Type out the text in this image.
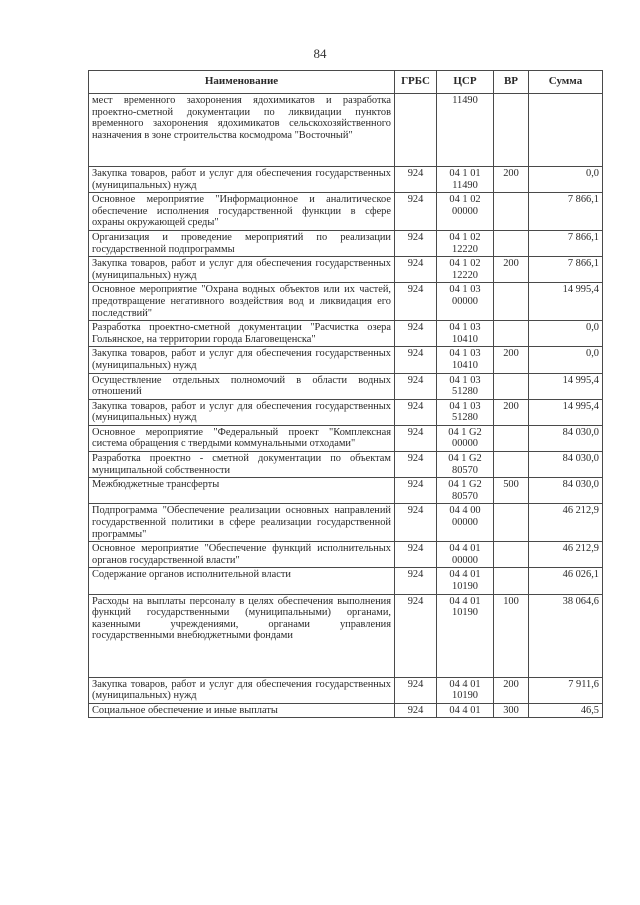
84
Наименование	ГРБС	ЦСР	ВР	Сумма
мест временного захоронения ядохимикатов и разработка проектно-сметной документации по ликвидации пунктов временного захоронения ядохимикатов сельскохозяйственного назначения в зоне строительства космодрома "Восточный"		11490		
Закупка товаров, работ и услуг для обеспечения государственных (муниципальных) нужд	924	04 1 01 11490	200	0,0
Основное мероприятие "Информационное и аналитическое обеспечение исполнения государственной функции в сфере охраны окружающей среды"	924	04 1 02 00000		7 866,1
Организация и проведение мероприятий по реализации государственной подпрограммы	924	04 1 02 12220		7 866,1
Закупка товаров, работ и услуг для обеспечения государственных (муниципальных) нужд	924	04 1 02 12220	200	7 866,1
Основное мероприятие "Охрана водных объектов или их частей, предотвращение негативного воздействия вод и ликвидация его последствий"	924	04 1 03 00000		14 995,4
Разработка проектно-сметной документации "Расчистка озера Гольянское, на территории города Благовещенска"	924	04 1 03 10410		0,0
Закупка товаров, работ и услуг для обеспечения государственных (муниципальных) нужд	924	04 1 03 10410	200	0,0
Осуществление отдельных полномочий в области водных отношений	924	04 1 03 51280		14 995,4
Закупка товаров, работ и услуг для обеспечения государственных (муниципальных) нужд	924	04 1 03 51280	200	14 995,4
Основное мероприятие "Федеральный проект "Комплексная система обращения с твердыми коммунальными отходами"	924	04 1 G2 00000		84 030,0
Разработка проектно - сметной документации по объектам муниципальной собственности	924	04 1 G2 80570		84 030,0
Межбюджетные трансферты	924	04 1 G2 80570	500	84 030,0
Подпрограмма "Обеспечение реализации основных направлений государственной политики в сфере реализации государственной программы"	924	04 4 00 00000		46 212,9
Основное мероприятие "Обеспечение функций исполнительных органов государственной власти"	924	04 4 01 00000		46 212,9
Содержание органов исполнительной власти	924	04 4 01 10190		46 026,1
Расходы на выплаты персоналу в целях обеспечения выполнения функций государственными (муниципальными) органами, казенными учреждениями, органами управления государственными внебюджетными фондами	924	04 4 01 10190	100	38 064,6
Закупка товаров, работ и услуг для обеспечения государственных (муниципальных) нужд	924	04 4 01 10190	200	7 911,6
Социальное обеспечение и иные выплаты	924	04 4 01	300	46,5
